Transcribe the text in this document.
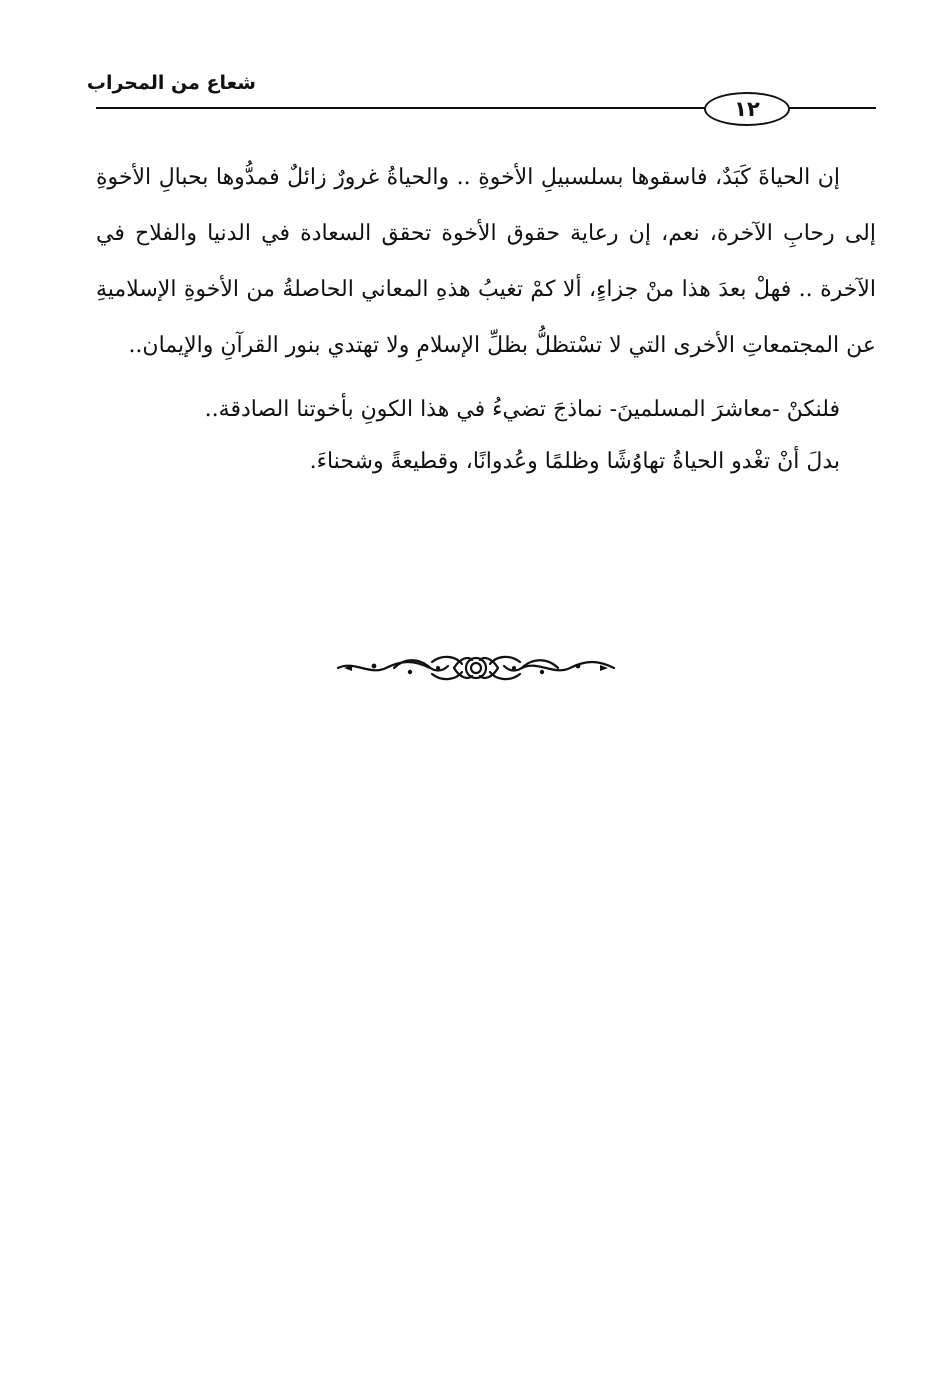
شعاع من المحراب
١٢

إن الحياةَ كَبَدٌ، فاسقوها بسلسبيلِ الأخوةِ .. والحياةُ غرورٌ زائلٌ فمدُّوها بحبالِ الأخوةِ إلى رحابِ الآخرة، نعم، إن رعاية حقوق الأخوة تحقق السعادة في الدنيا والفلاح في الآخرة .. فهلْ بعدَ هذا منْ جزاءٍ، ألا كمْ تغيبُ هذهِ المعاني الحاصلةُ من الأخوةِ الإسلاميةِ عن المجتمعاتِ الأخرى التي لا تسْتظلُّ بظلِّ الإسلامِ ولا تهتدي بنور القرآنِ والإيمان..

فلنكنْ -معاشرَ المسلمينَ- نماذجَ تضيءُ في هذا الكونِ بأخوتنا الصادقة..
بدلَ أنْ تغْدو الحياةُ تهاوُشًا وظلمًا وعُدوانًا، وقطيعةً وشحناءَ.
